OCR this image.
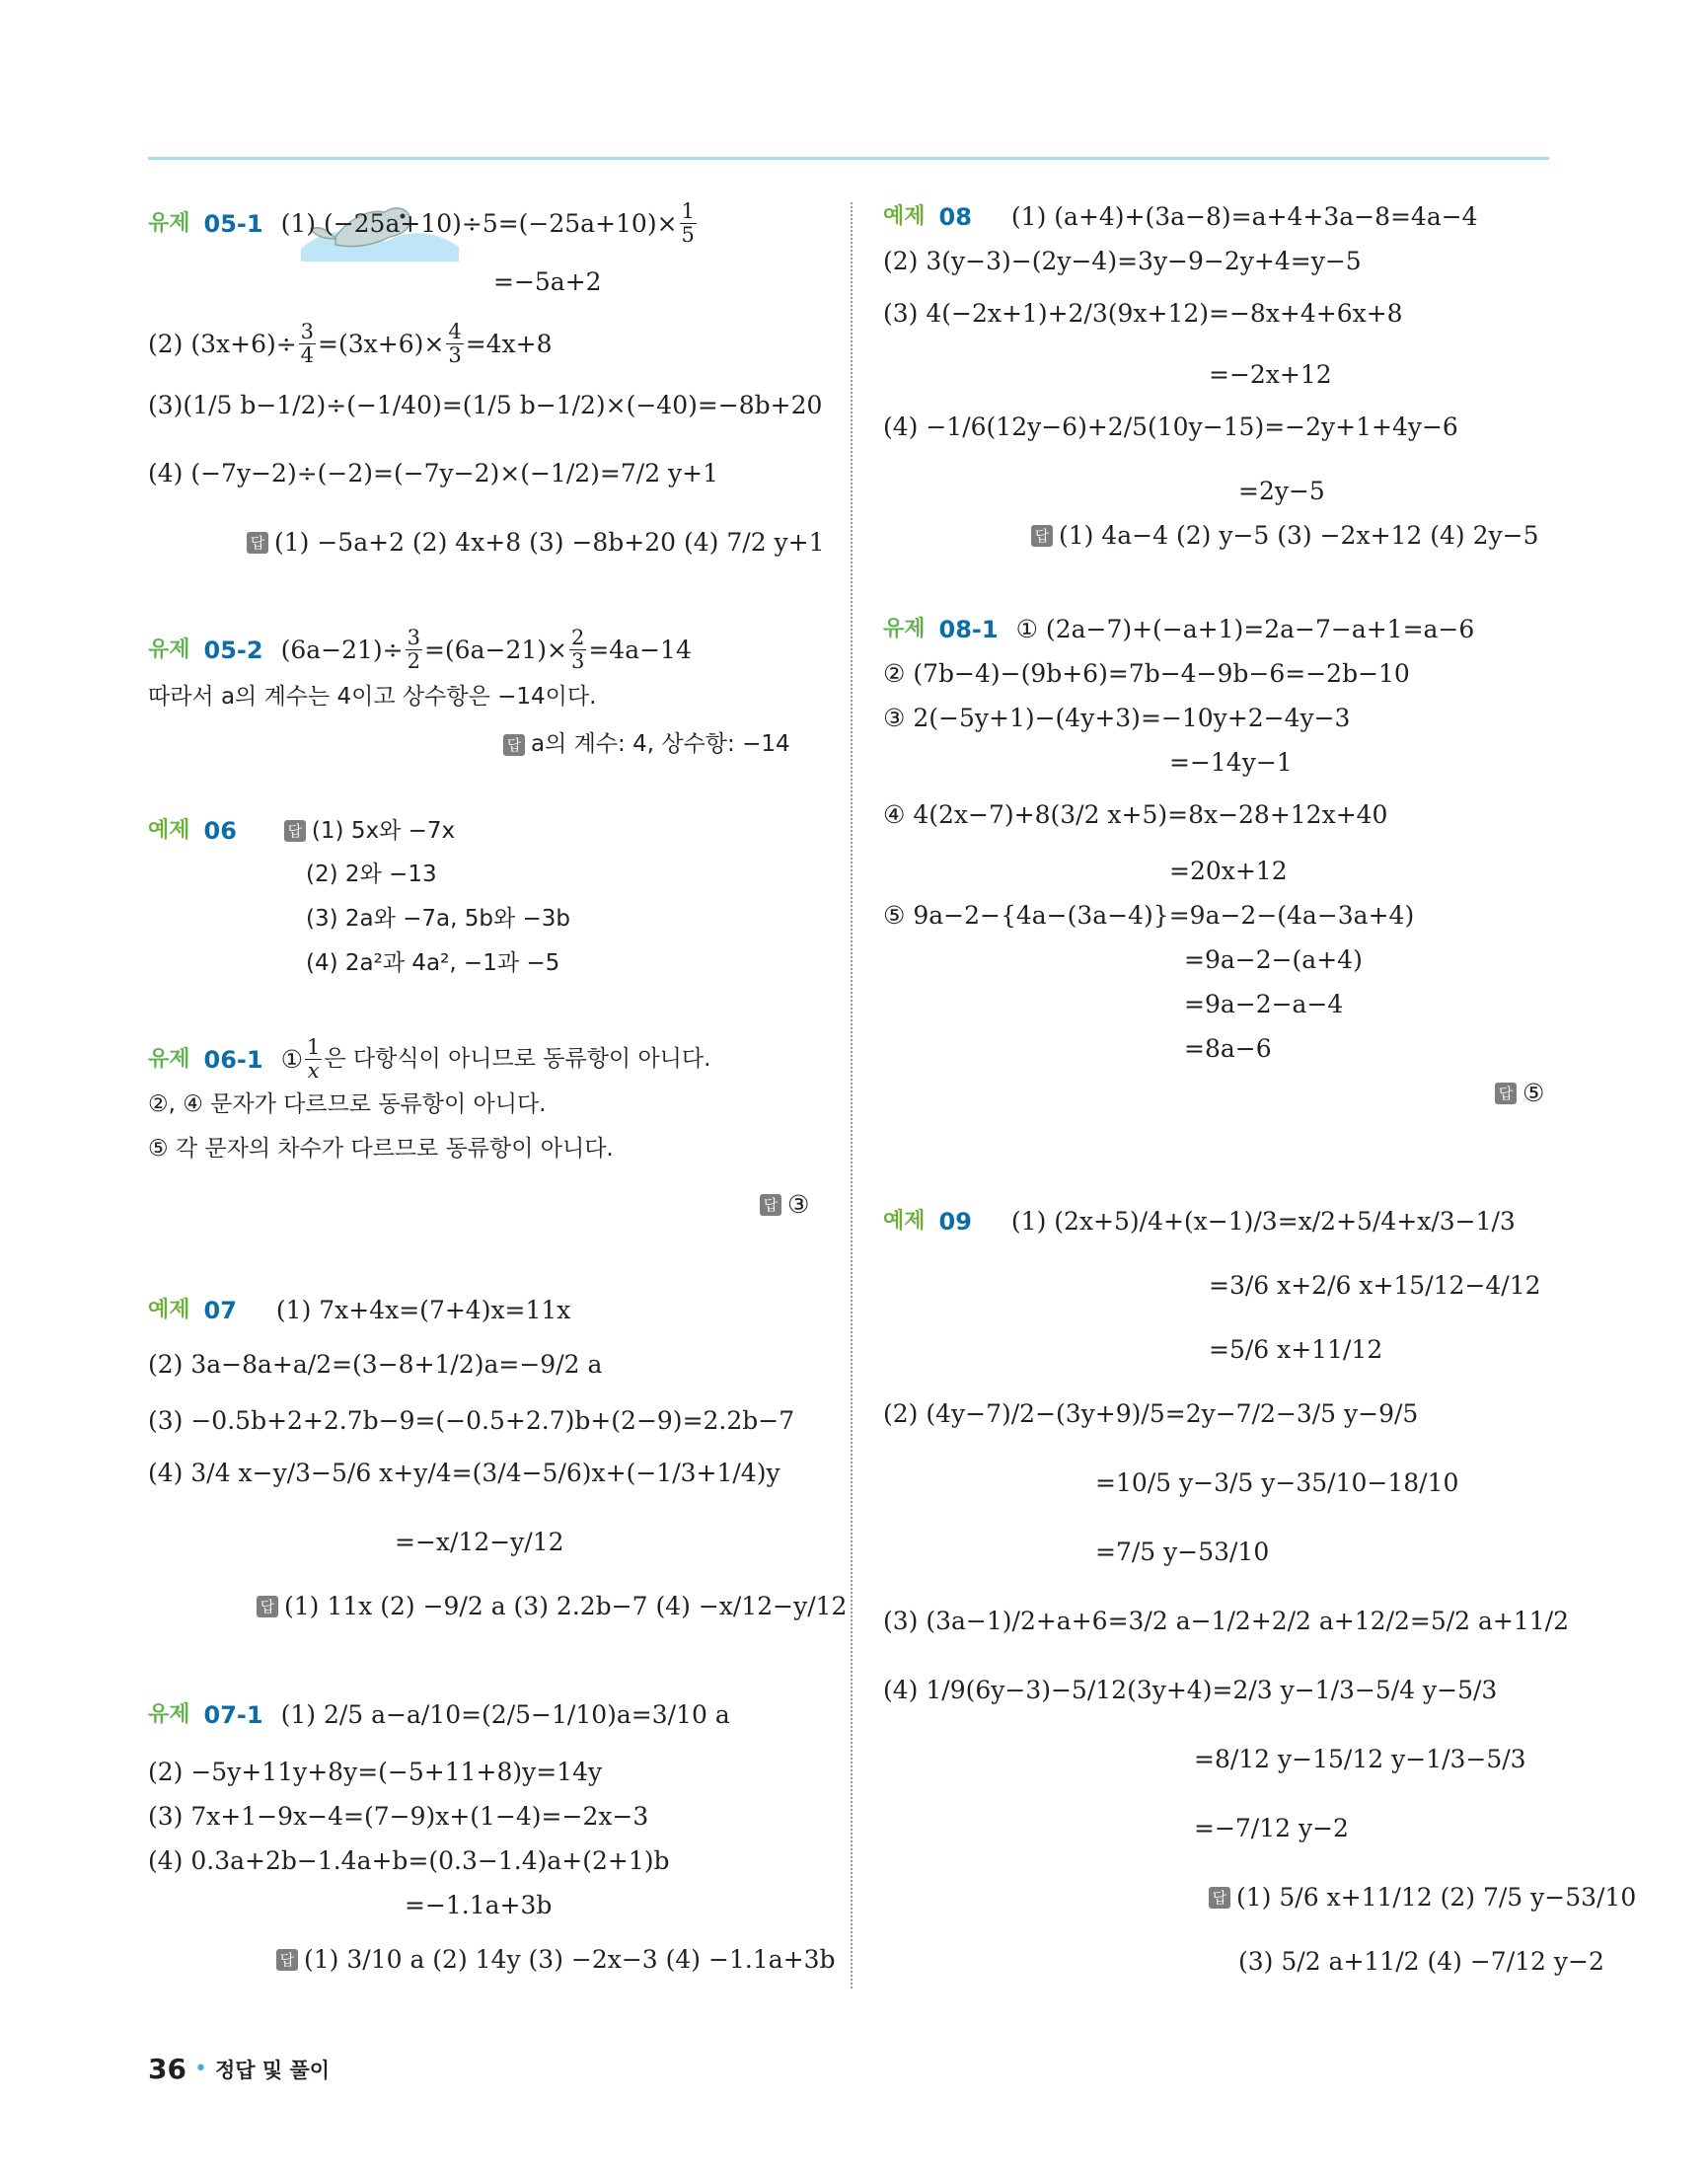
유제 05-1 (1) $(-25a+10)\div 5=(-25a+10)\times \frac{1}{5}$
=−5a+2
(2) $(3x+6)\div \frac{3}{4} =(3x+6)\times \frac{4}{3} =4x+8$
(3)(1/5 b−1/2)÷(−1/40)=(1/5 b−1/2)×(−40)=−8b+20
(4) (−7y−2)÷(−2)=(−7y−2)×(−1/2)=7/2 y+1
답 (1) −5a+2 (2) 4x+8 (3) −8b+20 (4) 7/2 y+1
유제 05-2 $(6a-21)\div \frac{3}{2} =(6a-21)\times \frac{2}{3} =4a-14$
따라서 a의 계수는 4이고 상수항은 −14이다.
답 a의 계수: 4, 상수항: −14
예제 06	답 (1) 5x와 −7x
(2) 2와 −13
(3) 2a와 −7a, 5b와 −3b
(4) 2a²과 4a², −1과 −5
유제 06-1 ① $\frac{1}{x}$ 은 다항식이 아니므로 동류항이 아니다.
②, ④ 문자가 다르므로 동류항이 아니다.
⑤ 각 문자의 차수가 다르므로 동류항이 아니다.
답 ③
예제 07 (1) 7x+4x=(7+4)x=11x
(2) 3a−8a+a/2=(3−8+1/2)a=−9/2 a
(3) −0.5b+2+2.7b−9=(−0.5+2.7)b+(2−9)=2.2b−7
(4) 3/4 x−y/3−5/6 x+y/4=(3/4−5/6)x+(−1/3+1/4)y
=−x/12−y/12
답 (1) 11x (2) −9/2 a (3) 2.2b−7 (4) −x/12−y/12
유제 07-1 (1) 2/5 a−a/10=(2/5−1/10)a=3/10 a
(2) −5y+11y+8y=(−5+11+8)y=14y
(3) 7x+1−9x−4=(7−9)x+(1−4)=−2x−3
(4) 0.3a+2b−1.4a+b=(0.3−1.4)a+(2+1)b
=−1.1a+3b
답 (1) 3/10 a (2) 14y (3) −2x−3 (4) −1.1a+3b
예제 08 (1) (a+4)+(3a−8)=a+4+3a−8=4a−4
(2) 3(y−3)−(2y−4)=3y−9−2y+4=y−5
(3) 4(−2x+1)+2/3(9x+12)=−8x+4+6x+8
=−2x+12
(4) −1/6(12y−6)+2/5(10y−15)=−2y+1+4y−6
=2y−5
답 (1) 4a−4 (2) y−5 (3) −2x+12 (4) 2y−5
유제 08-1 ① (2a−7)+(−a+1)=2a−7−a+1=a−6
② (7b−4)−(9b+6)=7b−4−9b−6=−2b−10
③ 2(−5y+1)−(4y+3)=−10y+2−4y−3
=−14y−1
④ 4(2x−7)+8(3/2 x+5)=8x−28+12x+40
=20x+12
⑤ 9a−2−{4a−(3a−4)}=9a−2−(4a−3a+4)
=9a−2−(a+4)
=9a−2−a−4
=8a−6
답 ⑤
예제 09 (1) (2x+5)/4+(x−1)/3=x/2+5/4+x/3−1/3
=3/6 x+2/6 x+15/12−4/12
=5/6 x+11/12
(2) (4y−7)/2−(3y+9)/5=2y−7/2−3/5 y−9/5
=10/5 y−3/5 y−35/10−18/10
=7/5 y−53/10
(3) (3a−1)/2+a+6=3/2 a−1/2+2/2 a+12/2=5/2 a+11/2
(4) 1/9(6y−3)−5/12(3y+4)=2/3 y−1/3−5/4 y−5/3
=8/12 y−15/12 y−1/3−5/3
=−7/12 y−2
답 (1) 5/6 x+11/12 (2) 7/5 y−53/10
(3) 5/2 a+11/2 (4) −7/12 y−2
36 • 정답 및 풀이
